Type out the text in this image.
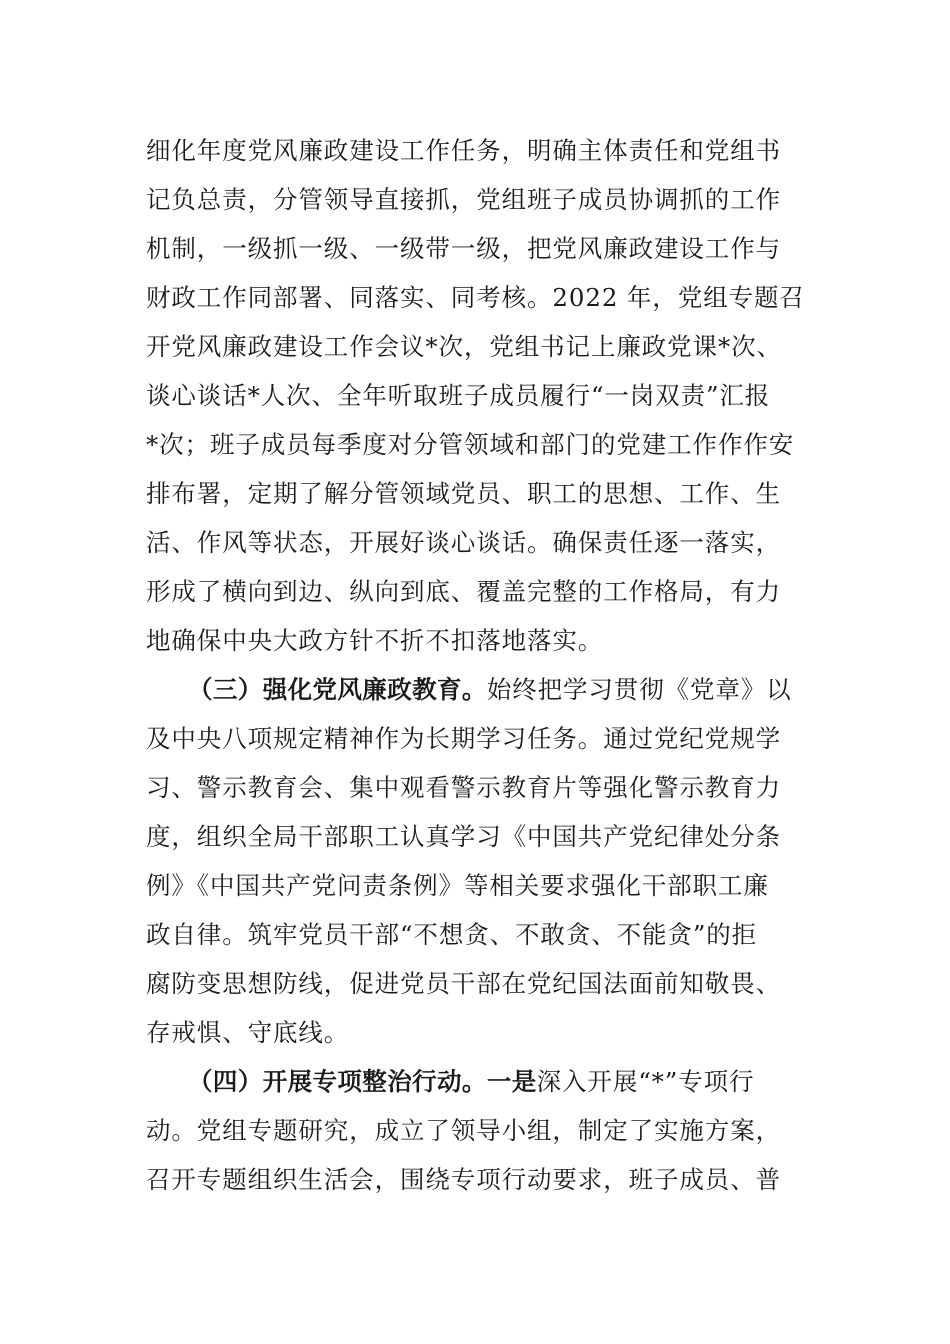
细化年度党风廉政建设工作任务，明确主体责任和党组书
记负总责，分管领导直接抓，党组班子成员协调抓的工作
机制，一级抓一级、一级带一级，把党风廉政建设工作与
财政工作同部署、同落实、同考核。2022 年，党组专题召
开党风廉政建设工作会议*次，党组书记上廉政党课*次、
谈心谈话*人次、全年听取班子成员履行“一岗双责”汇报
*次；班子成员每季度对分管领域和部门的党建工作作作安
排布署，定期了解分管领域党员、职工的思想、工作、生
活、作风等状态，开展好谈心谈话。确保责任逐一落实，
形成了横向到边、纵向到底、覆盖完整的工作格局，有力
地确保中央大政方针不折不扣落地落实。
（三）强化党风廉政教育。始终把学习贯彻《党章》以
及中央八项规定精神作为长期学习任务。通过党纪党规学
习、警示教育会、集中观看警示教育片等强化警示教育力
度，组织全局干部职工认真学习《中国共产党纪律处分条
例》《中国共产党问责条例》等相关要求强化干部职工廉
政自律。筑牢党员干部“不想贪、不敢贪、不能贪”的拒
腐防变思想防线，促进党员干部在党纪国法面前知敬畏、
存戒惧、守底线。
（四）开展专项整治行动。一是深入开展“*”专项行
动。党组专题研究，成立了领导小组，制定了实施方案，
召开专题组织生活会，围绕专项行动要求，班子成员、普
